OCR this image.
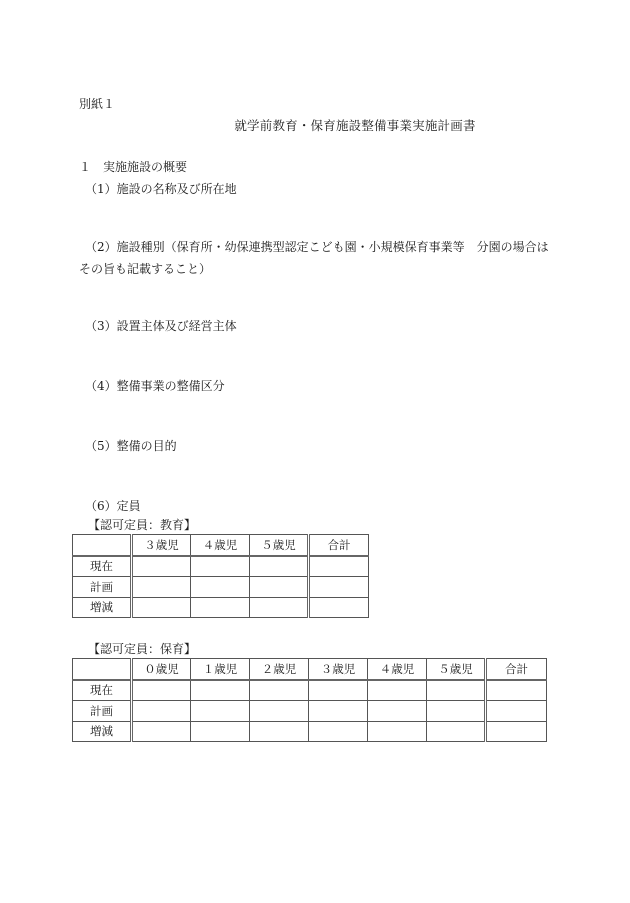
別紙１
就学前教育・保育施設整備事業実施計画書
１　実施施設の概要
（1）施設の名称及び所在地
（2）施設種別（保育所・幼保連携型認定こども園・小規模保育事業等　分園の場合はその旨も記載すること）
（3）設置主体及び経営主体
（4）整備事業の整備区分
（5）整備の目的
（6）定員
【認可定員：教育】
	３歳児	４歳児	５歳児	合計
現在				
計画				
増減				
【認可定員：保育】
	０歳児	１歳児	２歳児	３歳児	４歳児	５歳児	合計
現在							
計画							
増減							
